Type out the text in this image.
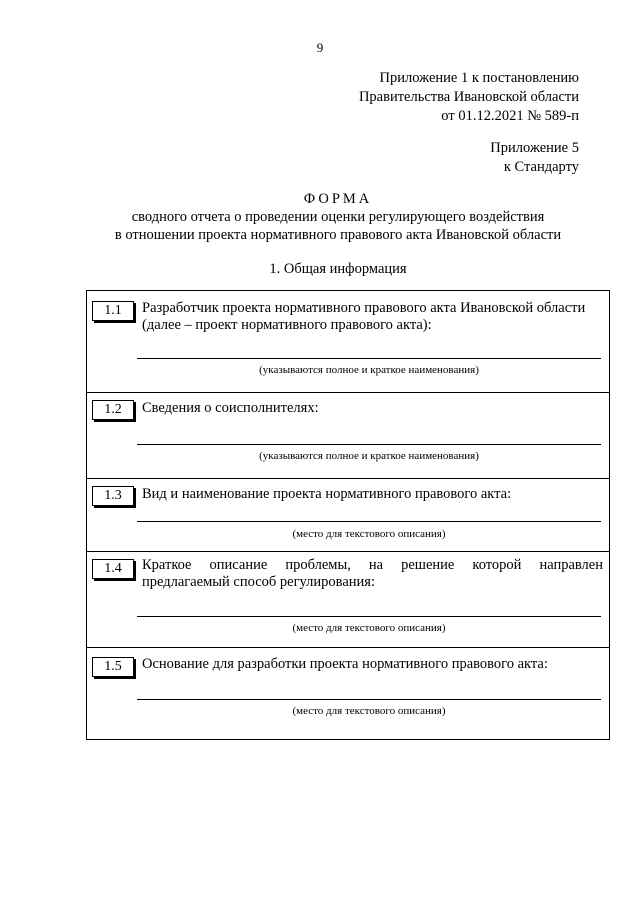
9
Приложение 1 к постановлению
Правительства Ивановской области
от 01.12.2021 № 589-п
Приложение 5
к Стандарту
ФОРМА
сводного отчета о проведении оценки регулирующего воздействия
в отношении проекта нормативного правового акта Ивановской области
1. Общая информация
1.1	Разработчик проекта нормативного правового акта Ивановской области (далее – проект нормативного правового акта):
(указываются полное и краткое наименования)
1.2	Сведения о соисполнителях:
(указываются полное и краткое наименования)
1.3	Вид и наименование проекта нормативного правового акта:
(место для текстового описания)
1.4	Краткое описание проблемы, на решение которой направлен предлагаемый способ регулирования:
(место для текстового описания)
1.5	Основание для разработки проекта нормативного правового акта:
(место для текстового описания)
